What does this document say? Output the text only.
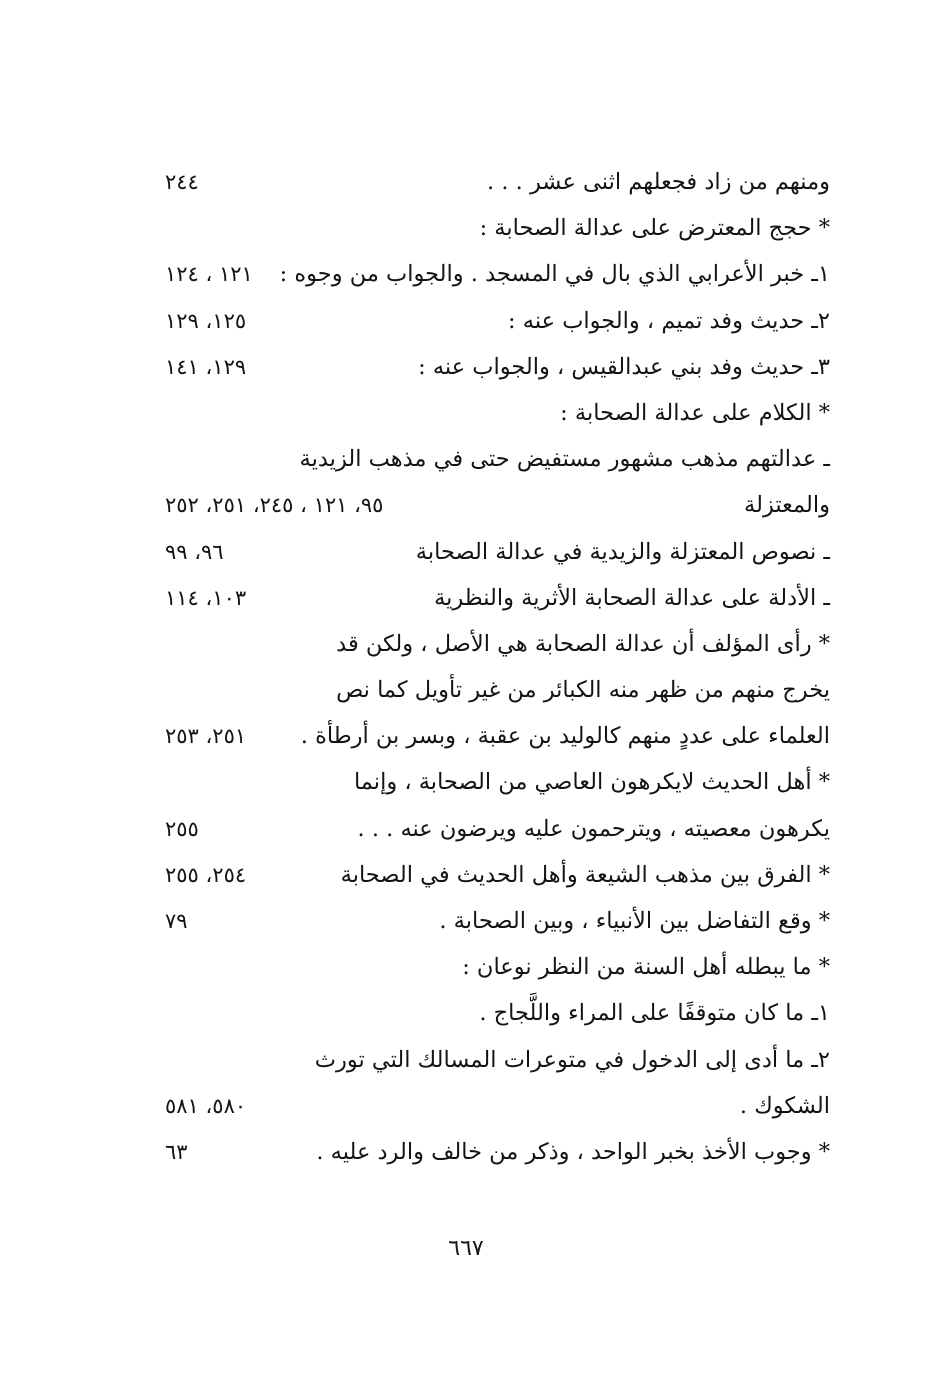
ومنهم من زاد فجعلهم اثنى عشر . . .
٢٤٤
* حجج المعترض على عدالة الصحابة :
١ـ خبر الأعرابي الذي بال في المسجد . والجواب من وجوه :
١٢١ ، ١٢٤
٢ـ حديث وفد تميم ، والجواب عنه :
١٢٥، ١٢٩
٣ـ حديث وفد بني عبدالقيس ، والجواب عنه :
١٢٩، ١٤١
* الكلام على عدالة الصحابة :
ـ عدالتهم مذهب مشهور مستفيض حتى في مذهب الزيدية
والمعتزلة
٩٥، ١٢١ ، ٢٤٥، ٢٥١، ٢٥٢
ـ نصوص المعتزلة والزيدية في عدالة الصحابة
٩٦، ٩٩
ـ الأدلة على عدالة الصحابة الأثرية والنظرية
١٠٣، ١١٤
* رأى المؤلف أن عدالة الصحابة هي الأصل ، ولكن قد
يخرج منهم من ظهر منه الكبائر من غير تأويل كما نص
العلماء على عددٍ منهم كالوليد بن عقبة ، وبسر بن أرطأة .
٢٥١، ٢٥٣
* أهل الحديث لايكرهون العاصي من الصحابة ، وإنما
يكرهون معصيته ، ويترحمون عليه ويرضون عنه . . .
٢٥٥
* الفرق بين مذهب الشيعة وأهل الحديث في الصحابة
٢٥٤، ٢٥٥
* وقع التفاضل بين الأنبياء ، وبين الصحابة .
٧٩
* ما يبطله أهل السنة من النظر نوعان :
١ـ ما كان متوقفًا على المراء واللَّجاج .
٢ـ ما أدى إلى الدخول في متوعرات المسالك التي تورث
الشكوك .
٥٨٠، ٥٨١
* وجوب الأخذ بخبر الواحد ، وذكر من خالف والرد عليه .
٦٣
٦٦٧
